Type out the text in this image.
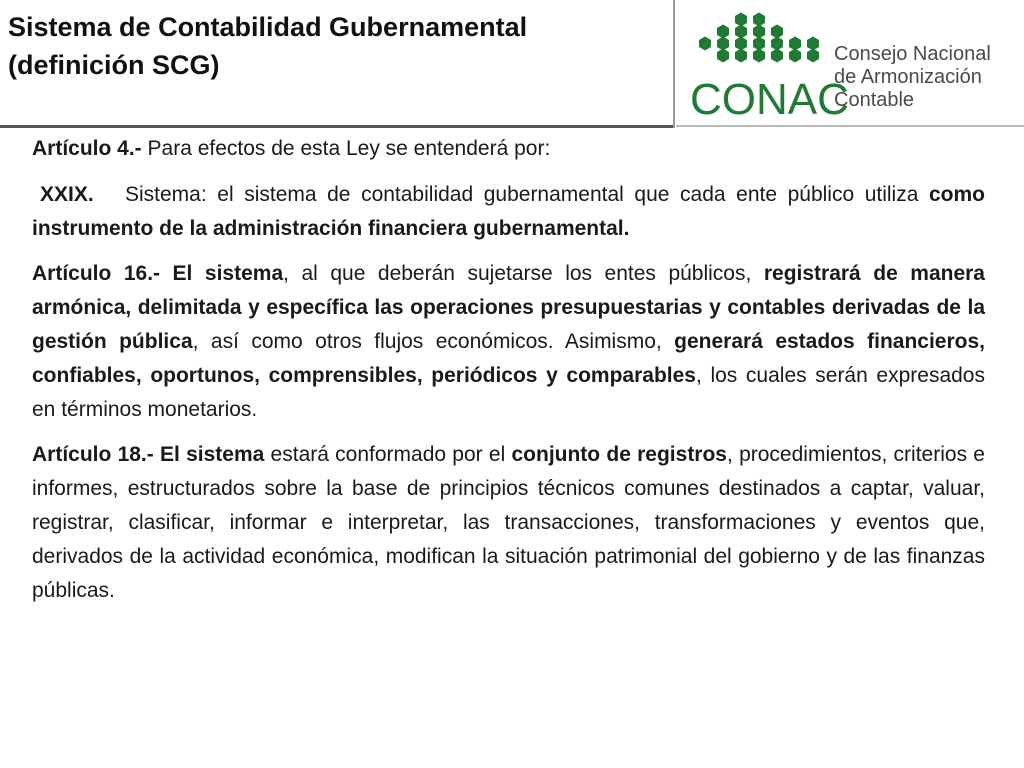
Sistema de Contabilidad Gubernamental
(definición SCG)
CONAC
Consejo Nacional
de Armonización
Contable

Artículo 4.- Para efectos de esta Ley se entenderá por:

XXIX. Sistema: el sistema de contabilidad gubernamental que cada ente público utiliza como instrumento de la administración financiera gubernamental.

Artículo 16.- El sistema, al que deberán sujetarse los entes públicos, registrará de manera armónica, delimitada y específica las operaciones presupuestarias y contables derivadas de la gestión pública, así como otros flujos económicos. Asimismo, generará estados financieros, confiables, oportunos, comprensibles, periódicos y comparables, los cuales serán expresados en términos monetarios.

Artículo 18.- El sistema estará conformado por el conjunto de registros, procedimientos, criterios e informes, estructurados sobre la base de principios técnicos comunes destinados a captar, valuar, registrar, clasificar, informar e interpretar, las transacciones, transformaciones y eventos que, derivados de la actividad económica, modifican la situación patrimonial del gobierno y de las finanzas públicas.
